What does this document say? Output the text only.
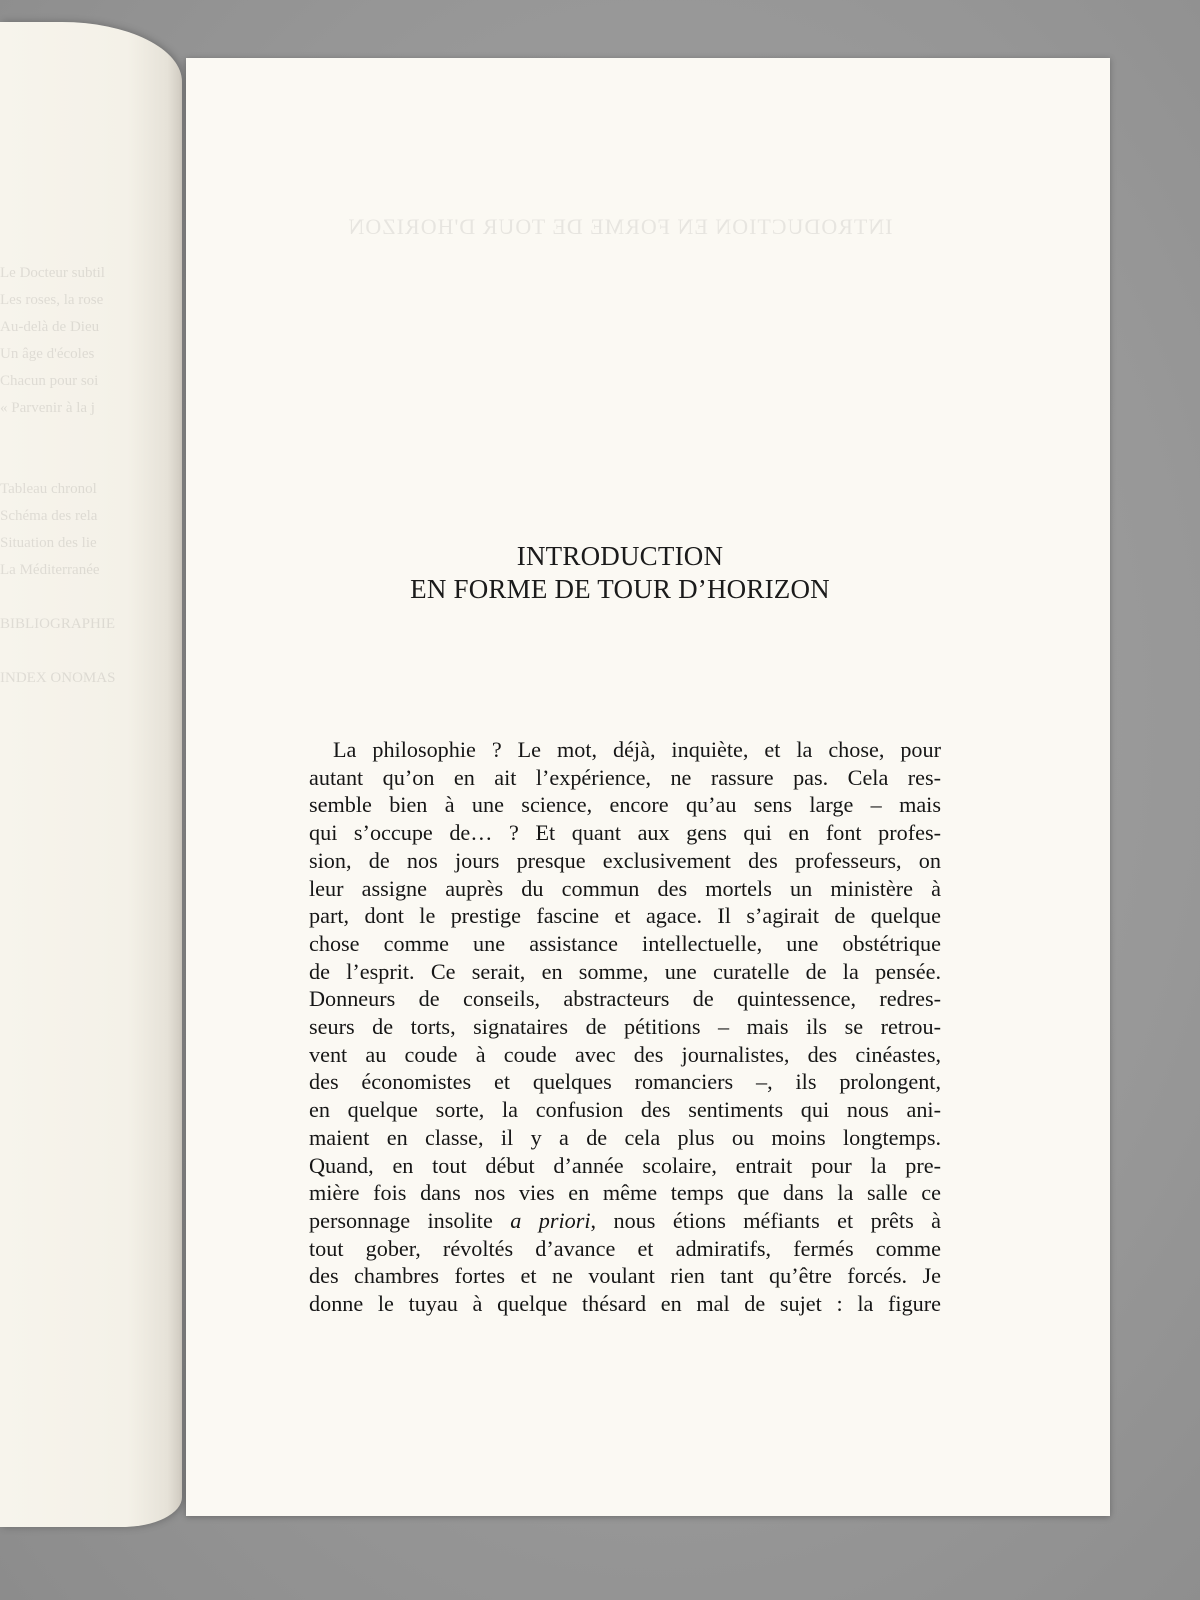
Le Docteur subtil
Les roses, la rose
Au-delà de Dieu
Un âge d'écoles
Chacun pour soi
« Parvenir à la j

Tableau chronol
Schéma des rela
Situation des lie
La Méditerranée

BIBLIOGRAPHIE

INDEX ONOMAS

INTRODUCTION EN FORME DE TOUR D'HORIZON

INTRODUCTION
EN FORME DE TOUR D’HORIZON
La philosophie ? Le mot, déjà, inquiète, et la chose, pour
autant qu’on en ait l’expérience, ne rassure pas. Cela res-
semble bien à une science, encore qu’au sens large – mais
qui s’occupe de… ? Et quant aux gens qui en font profes-
sion, de nos jours presque exclusivement des professeurs, on
leur assigne auprès du commun des mortels un ministère à
part, dont le prestige fascine et agace. Il s’agirait de quelque
chose comme une assistance intellectuelle, une obstétrique
de l’esprit. Ce serait, en somme, une curatelle de la pensée.
Donneurs de conseils, abstracteurs de quintessence, redres-
seurs de torts, signataires de pétitions – mais ils se retrou-
vent au coude à coude avec des journalistes, des cinéastes,
des économistes et quelques romanciers –, ils prolongent,
en quelque sorte, la confusion des sentiments qui nous ani-
maient en classe, il y a de cela plus ou moins longtemps.
Quand, en tout début d’année scolaire, entrait pour la pre-
mière fois dans nos vies en même temps que dans la salle ce
personnage insolite a priori, nous étions méfiants et prêts à
tout gober, révoltés d’avance et admiratifs, fermés comme
des chambres fortes et ne voulant rien tant qu’être forcés. Je
donne le tuyau à quelque thésard en mal de sujet : la figure
